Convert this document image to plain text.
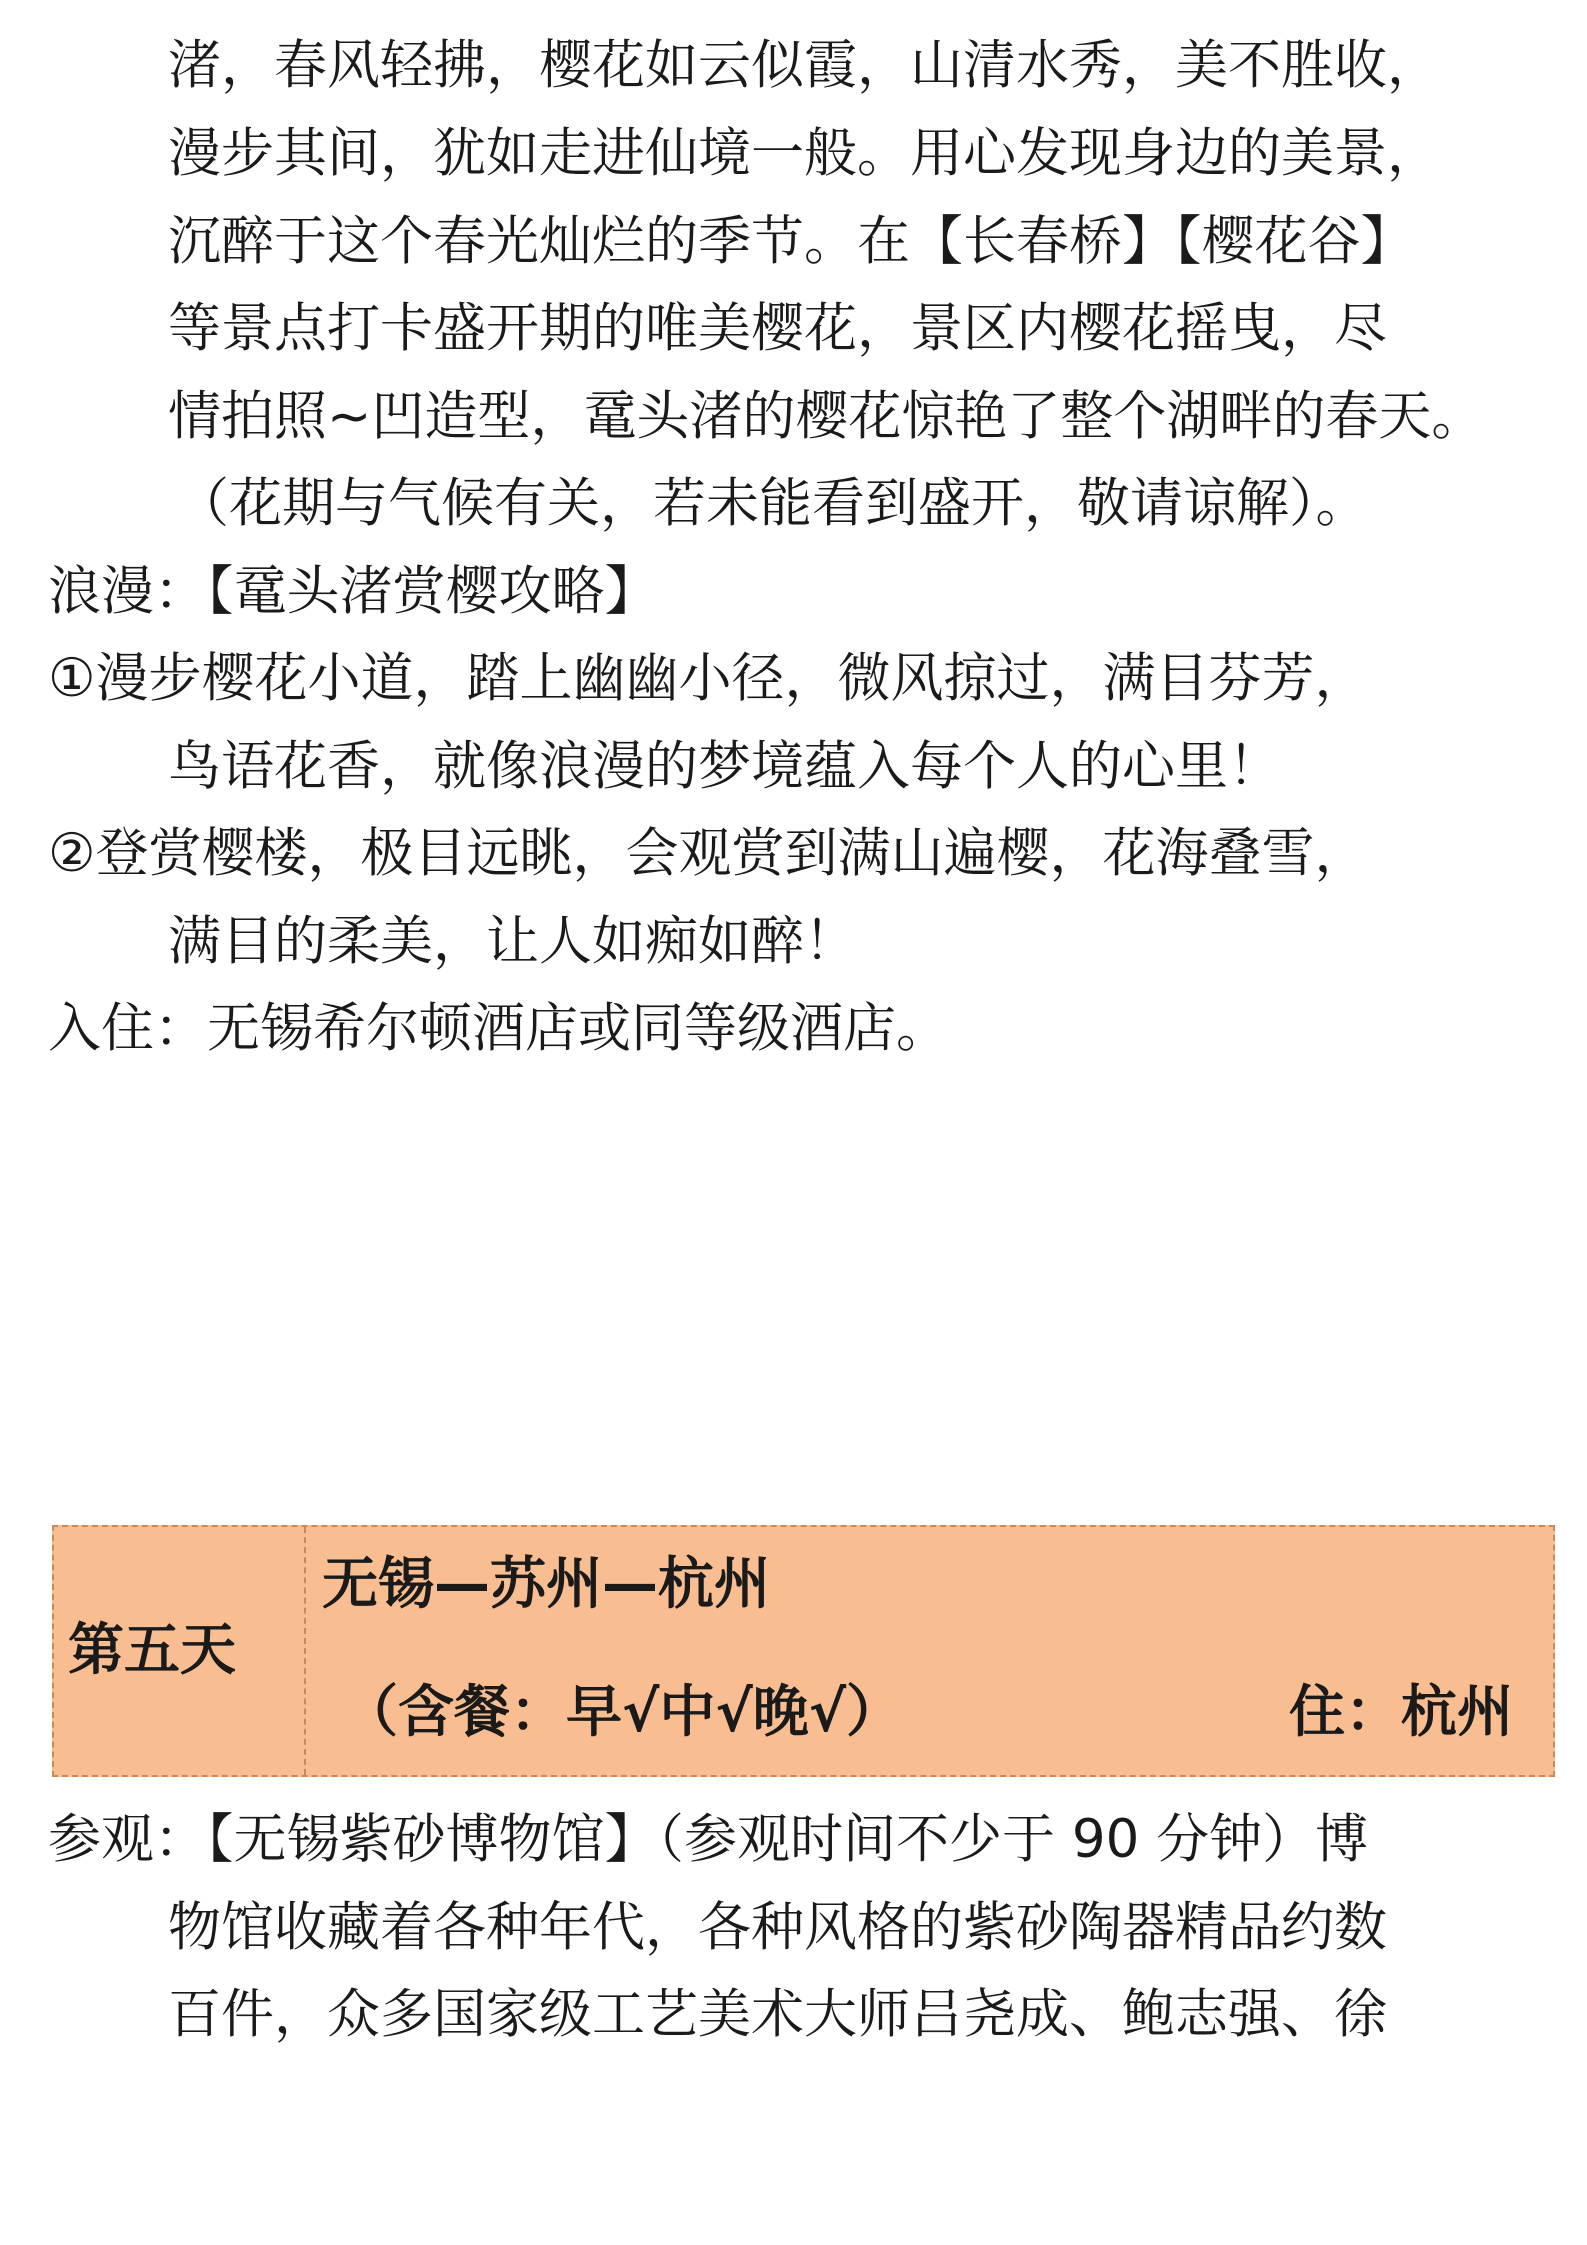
渚，春风轻拂，樱花如云似霞，山清水秀，美不胜收，
漫步其间，犹如走进仙境一般。用心发现身边的美景，
沉醉于这个春光灿烂的季节。在【长春桥】【樱花谷】
等景点打卡盛开期的唯美樱花，景区内樱花摇曳，尽
情拍照~凹造型，鼋头渚的樱花惊艳了整个湖畔的春天。
（花期与气候有关，若未能看到盛开，敬请谅解）。
浪漫：【鼋头渚赏樱攻略】
①漫步樱花小道，踏上幽幽小径，微风掠过，满目芬芳，
鸟语花香，就像浪漫的梦境蕴入每个人的心里！
②登赏樱楼，极目远眺，会观赏到满山遍樱，花海叠雪，
满目的柔美，让人如痴如醉！
入住：无锡希尔顿酒店或同等级酒店。
第五天
无锡—苏州—杭州
（含餐：早√中√晚√）	住：杭州
参观：【无锡紫砂博物馆】（参观时间不少于 90 分钟）博
物馆收藏着各种年代，各种风格的紫砂陶器精品约数
百件，众多国家级工艺美术大师吕尧成、鲍志强、徐
